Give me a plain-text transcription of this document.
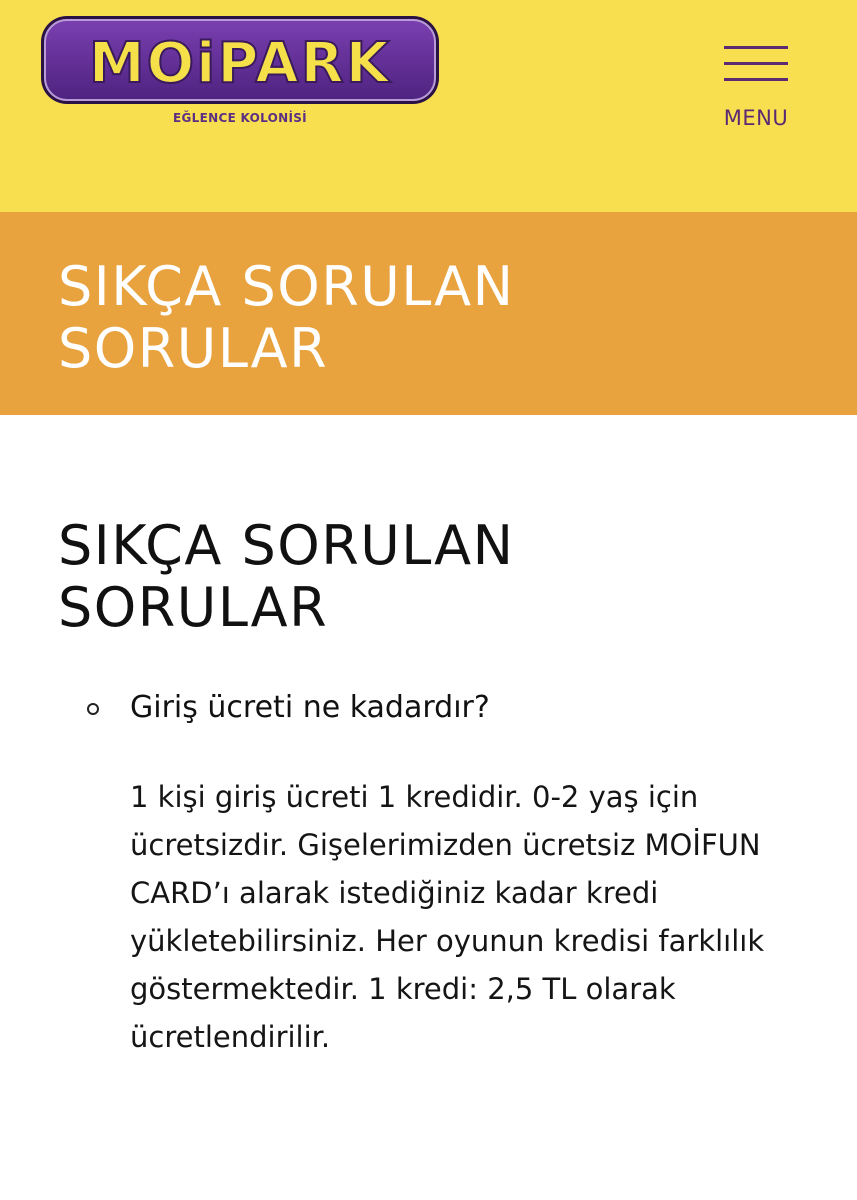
MOiPARK
EĞLENCE KOLONİSİ	MENU
SIKÇA SORULAN SORULAR
SIKÇA SORULAN SORULAR
Giriş ücreti ne kadardır?
1 kişi giriş ücreti 1 kredidir. 0-2 yaş için ücretsizdir. Gişelerimizden ücretsiz MOİFUN CARD’ı alarak istediğiniz kadar kredi yükletebilirsiniz. Her oyunun kredisi farklılık göstermektedir. 1 kredi: 2,5 TL olarak ücretlendirilir.
